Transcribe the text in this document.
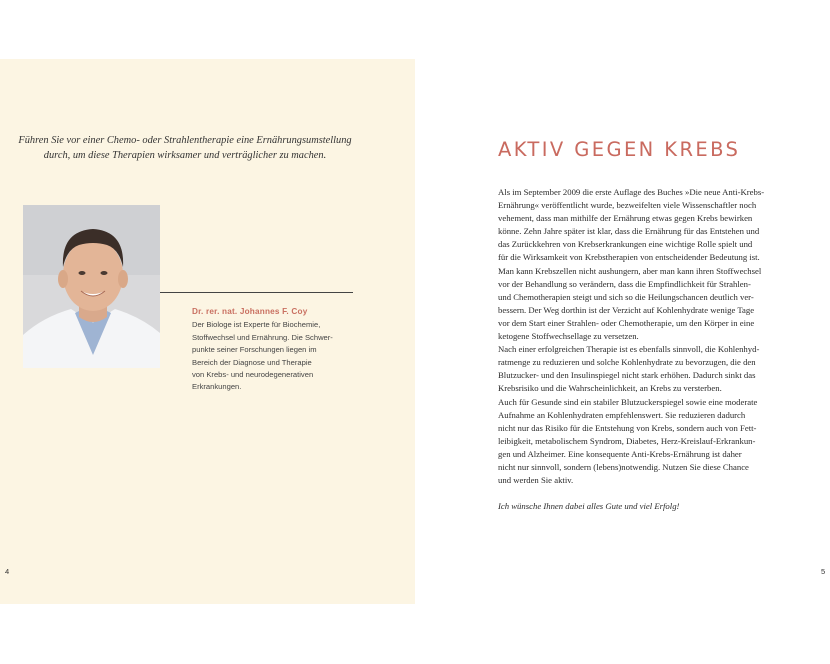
Führen Sie vor einer Chemo- oder Strahlentherapie eine Ernährungsumstellung
durch, um diese Therapien wirksamer und verträglicher zu machen.
Dr. rer. nat. Johannes F. Coy
Der Biologe ist Experte für Biochemie,
Stoffwechsel und Ernährung. Die Schwer-
punkte seiner Forschungen liegen im
Bereich der Diagnose und Therapie
von Krebs- und neurodegenerativen
Erkrankungen.
4
AKTIV GEGEN KREBS

Als im September 2009 die erste Auflage des Buches »Die neue Anti-Krebs-

Ernährung« veröffentlicht wurde, bezweifelten viele Wissenschaftler noch

vehement, dass man mithilfe der Ernährung etwas gegen Krebs bewirken

könne. Zehn Jahre später ist klar, dass die Ernährung für das Entstehen und

das Zurückkehren von Krebserkrankungen eine wichtige Rolle spielt und

für die Wirksamkeit von Krebstherapien von entscheidender Bedeutung ist.

Man kann Krebszellen nicht aushungern, aber man kann ihren Stoffwechsel

vor der Behandlung so verändern, dass die Empfindlichkeit für Strahlen-

und Chemotherapien steigt und sich so die Heilungschancen deutlich ver-

bessern. Der Weg dorthin ist der Verzicht auf Kohlenhydrate wenige Tage

vor dem Start einer Strahlen- oder Chemotherapie, um den Körper in eine

ketogene Stoffwechsellage zu versetzen.

Nach einer erfolgreichen Therapie ist es ebenfalls sinnvoll, die Kohlenhyd-

ratmenge zu reduzieren und solche Kohlenhydrate zu bevorzugen, die den

Blutzucker- und den Insulinspiegel nicht stark erhöhen. Dadurch sinkt das

Krebsrisiko und die Wahrscheinlichkeit, an Krebs zu versterben.

Auch für Gesunde sind ein stabiler Blutzuckerspiegel sowie eine moderate

Aufnahme an Kohlenhydraten empfehlenswert. Sie reduzieren dadurch

nicht nur das Risiko für die Entstehung von Krebs, sondern auch von Fett-

leibigkeit, metabolischem Syndrom, Diabetes, Herz-Kreislauf-Erkrankun-

gen und Alzheimer. Eine konsequente Anti-Krebs-Ernährung ist daher

nicht nur sinnvoll, sondern (lebens)notwendig. Nutzen Sie diese Chance

und werden Sie aktiv.

Ich wünsche Ihnen dabei alles Gute und viel Erfolg!

5
